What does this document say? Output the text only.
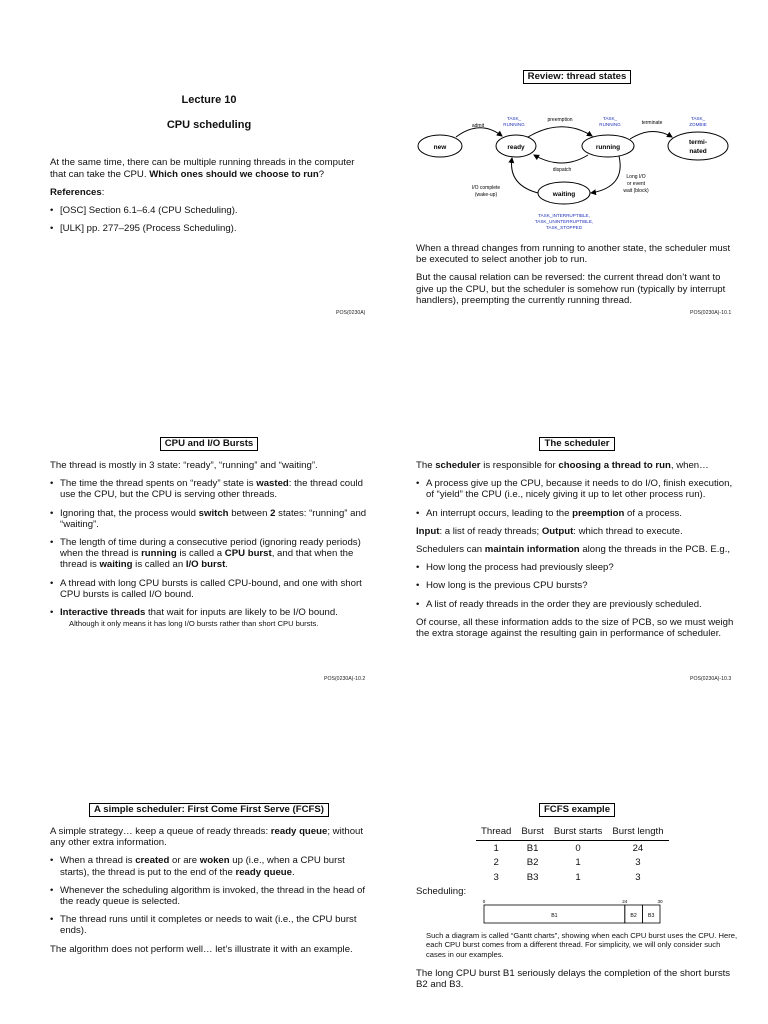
Lecture 10

CPU scheduling

At the same time, there can be multiple running threads in the computer that can take the CPU. Which ones should we choose to run?

References:

• [OSC] Section 6.1–6.4 (CPU Scheduling).
• [ULK] pp. 277–295 (Process Scheduling).
POS(0230A)
Review: thread states
new	ready	running
termi-
nated
waiting
admit
preemption	terminate
dispatch
I/O complete
(wake-up)
Long I/O
or event
wait (block)
TASK_
RUNNING
TASK_
RUNNING
TASK_
ZOMBIE
TASK_INTERRUPTIBLE,
TASK_UNINTERRUPTIBLE,
TASK_STOPPED

When a thread changes from running to another state, the scheduler must be executed to select another job to run.

But the causal relation can be reversed: the current thread don’t want to give up the CPU, but the scheduler is somehow run (typically by interrupt handlers), preempting the currently running thread.

POS(0230A)-10.1
CPU and I/O Bursts

The thread is mostly in 3 state: “ready”, “running” and “waiting”.

• The time the thread spents on “ready” state is wasted: the thread could use the CPU, but the CPU is serving other threads.
• Ignoring that, the process would switch between 2 states: “running” and “waiting”.
• The length of time during a consecutive period (ignoring ready periods) when the thread is running is called a CPU burst, and that when the thread is waiting is called an I/O burst.
• A thread with long CPU bursts is called CPU-bound, and one with short CPU bursts is called I/O bound.
• Interactive threads that wait for inputs are likely to be I/O bound.

Although it only means it has long I/O bursts rather than short CPU bursts.

POS(0230A)-10.2
The scheduler

The scheduler is responsible for choosing a thread to run, when…

• A process give up the CPU, because it needs to do I/O, finish execution, of “yield” the CPU (i.e., nicely giving it up to let other process run).
• An interrupt occurs, leading to the preemption of a process.

Input: a list of ready threads; Output: which thread to execute.

Schedulers can maintain information along the threads in the PCB. E.g.,

• How long the process had previously sleep?
• How long is the previous CPU bursts?
• A list of ready threads in the order they are previously scheduled.

Of course, all these information adds to the size of PCB, so we must weigh the extra storage against the resulting gain in performance of scheduler.

POS(0230A)-10.3
A simple scheduler: First Come First Serve (FCFS)

A simple strategy… keep a queue of ready threads: ready queue; without any other extra information.

• When a thread is created or are woken up (i.e., when a CPU burst starts), the thread is put to the end of the ready queue.
• Whenever the scheduling algorithm is invoked, the thread in the head of the ready queue is selected.
• The thread runs until it completes or needs to wait (i.e., the CPU burst ends).

The algorithm does not perform well… let’s illustrate it with an example.

FCFS example
Thread	Burst	Burst starts	Burst length
1	B1	0	24
2	B2	1	3
3	B3	1	3

Scheduling:

B1	B2 B3
0	24	30

Such a diagram is called “Gantt charts”, showing when each CPU burst uses the CPU. Here, each CPU burst comes from a different thread. For simplicity, we will only consider such cases in our examples.

The long CPU burst B1 seriously delays the completion of the short bursts B2 and B3.
